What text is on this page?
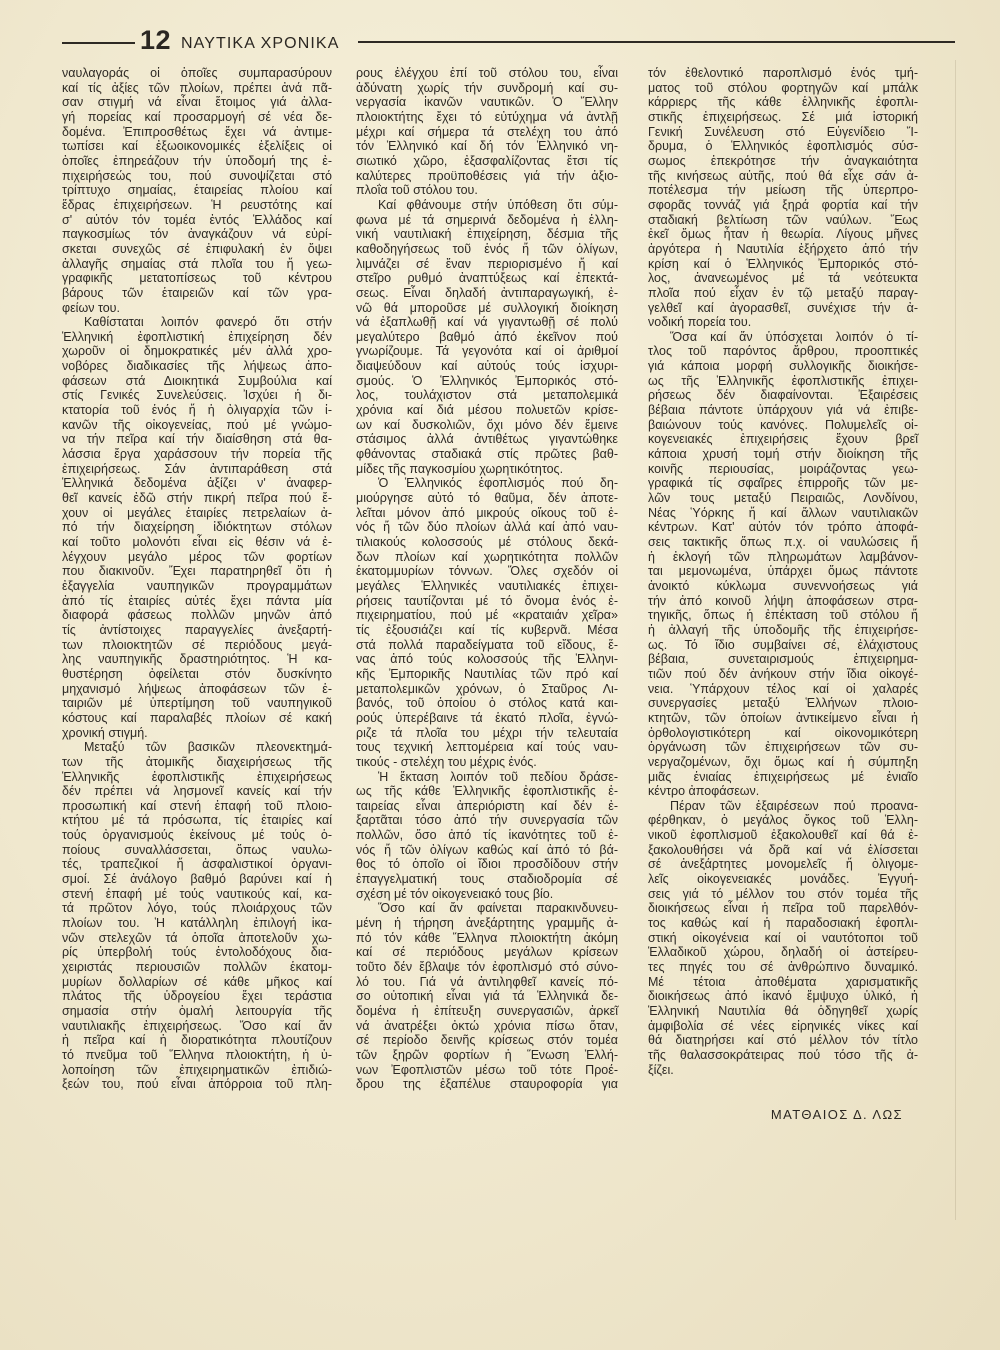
12 ΝΑΥΤΙΚΑ ΧΡΟΝΙΚΑ
ναυλαγοράς οἱ ὁποῖες συμπαρασύρουν
καί τίς ἀξίες τῶν πλοίων, πρέπει ἀνά πᾶ-
σαν στιγμή νά εἶναι ἕτοιμος γιά ἀλλα-
γή πορείας καί προσαρμογή σέ νέα δε-
δομένα. Ἐπιπροσθέτως ἔχει νά ἀντιμε-
τωπίσει καί ἐξωοικονομικές ἐξελίξεις οἱ
ὁποῖες ἐπηρεάζουν τήν ὑποδομή της ἐ-
πιχειρήσεώς του, πού συνοψίζεται στό
τρίπτυχο σημαίας, ἑταιρείας πλοίου καί
ἕδρας ἐπιχειρήσεων. Ἡ ρευστότης καί
σ' αὐτόν τόν τομέα ἐντός Ἑλλάδος καί
παγκοσμίως τόν ἀναγκάζουν νά εὑρί-
σκεται συνεχῶς σέ ἐπιφυλακή ἐν ὄψει
ἀλλαγῆς σημαίας στά πλοῖα του ἤ γεω-
γραφικῆς μετατοπίσεως τοῦ κέντρου
βάρους τῶν ἑταιρειῶν καί τῶν γρα-
φείων του.
Καθίσταται λοιπόν φανερό ὅτι στήν
Ἑλληνική ἐφοπλιστική ἐπιχείρηση δέν
χωροῦν οἱ δημοκρατικές μέν ἀλλά χρο-
νοβόρες διαδικασίες τῆς λήψεως ἀπο-
φάσεων στά Διοικητικά Συμβούλια καί
στίς Γενικές Συνελεύσεις. Ἰσχύει ἡ δι-
κτατορία τοῦ ἑνός ἤ ἡ ὀλιγαρχία τῶν ἰ-
κανῶν τῆς οἰκογενείας, πού μέ γνώμο-
να τήν πεῖρα καί τήν διαίσθηση στά θα-
λάσσια ἔργα χαράσσουν τήν πορεία τῆς
ἐπιχειρήσεως. Σάν ἀντιπαράθεση στά
Ἑλληνικά δεδομένα ἀξίζει ν' ἀναφερ-
θεῖ κανείς ἐδῶ στήν πικρή πεῖρα πού ἔ-
χουν οἱ μεγάλες ἑταιρίες πετρελαίων ἀ-
πό τήν διαχείρηση ἰδιόκτητων στόλων
καί τοῦτο μολονότι εἶναι εἰς θέσιν νά ἐ-
λέγχουν μεγάλο μέρος τῶν φορτίων
που διακινοῦν. Ἔχει παρατηρηθεῖ ὅτι ἡ
ἐξαγγελία ναυπηγικῶν προγραμμάτων
ἀπό τίς ἑταιρίες αὐτές ἔχει πάντα μία
διαφορά φάσεως πολλῶν μηνῶν ἀπό
τίς ἀντίστοιχες παραγγελίες ἀνεξαρτή-
των πλοιοκτητῶν σέ περιόδους μεγά-
λης ναυπηγικῆς δραστηριότητος. Ἡ κα-
θυστέρηση ὀφείλεται στόν δυσκίνητο
μηχανισμό λήψεως ἀποφάσεων τῶν ἑ-
ταιριῶν μέ ὑπερτίμηση τοῦ ναυπηγικοῦ
κόστους καί παραλαβές πλοίων σέ κακή
χρονική στιγμή.
Μεταξύ τῶν βασικῶν πλεονεκτημά-
των τῆς ἀτομικῆς διαχειρήσεως τῆς
Ἑλληνικῆς ἐφοπλιστικῆς ἐπιχειρήσεως
δέν πρέπει νά λησμονεῖ κανείς καί τήν
προσωπική καί στενή ἐπαφή τοῦ πλοιο-
κτήτου μέ τά πρόσωπα, τίς ἑταιρίες καί
τούς ὀργανισμούς ἐκείνους μέ τούς ὁ-
ποίους συναλλάσσεται, ὅπως ναυλω-
τές, τραπεζικοί ἤ ἀσφαλιστικοί ὀργανι-
σμοί. Σέ ἀνάλογο βαθμό βαρύνει καί ἡ
στενή ἐπαφή μέ τούς ναυτικούς καί, κα-
τά πρῶτον λόγο, τούς πλοιάρχους τῶν
πλοίων του. Ἡ κατάλληλη ἐπιλογή ἱκα-
νῶν στελεχῶν τά ὁποῖα ἀποτελοῦν χω-
ρίς ὑπερβολή τούς ἐντολοδόχους δια-
χειριστάς περιουσιῶν πολλῶν ἑκατομ-
μυρίων δολλαρίων σέ κάθε μῆκος καί
πλάτος τῆς ὑδρογείου ἔχει τεράστια
σημασία στήν ὁμαλή λειτουργία τῆς
ναυτιλιακῆς ἐπιχειρήσεως. Ὅσο καί ἄν
ἡ πεῖρα καί ἡ διορατικότητα πλουτίζουν
τό πνεῦμα τοῦ Ἕλληνα πλοιοκτήτη, ἡ ὑ-
λοποίηση τῶν ἐπιχειρηματικῶν ἐπιδιώ-
ξεών του, πού εἶναι ἀπόρροια τοῦ πλη-
ρους ἐλέγχου ἐπί τοῦ στόλου του, εἶναι
ἀδύνατη χωρίς τήν συνδρομή καί συ-
νεργασία ἱκανῶν ναυτικῶν. Ὁ Ἕλλην
πλοιοκτήτης ἔχει τό εὐτύχημα νά ἀντλῇ
μέχρι καί σήμερα τά στελέχη του ἀπό
τόν Ἑλληνικό καί δή τόν Ἑλληνικό νη-
σιωτικό χῶρο, ἐξασφαλίζοντας ἔτσι τίς
καλύτερες προϋποθέσεις γιά τήν ἀξιο-
πλοΐα τοῦ στόλου του.
Καί φθάνουμε στήν ὑπόθεση ὅτι σύμ-
φωνα μέ τά σημερινά δεδομένα ἡ ἑλλη-
νική ναυτιλιακή ἐπιχείρηση, δέσμια τῆς
καθοδηγήσεως τοῦ ἑνός ἤ τῶν ὀλίγων,
λιμνάζει σέ ἕναν περιορισμένο ἤ καί
στεῖρο ρυθμό ἀναπτύξεως καί ἐπεκτά-
σεως. Εἶναι δηλαδή ἀντιπαραγωγική, ἐ-
νῶ θά μποροῦσε μέ συλλογική διοίκηση
νά ἐξαπλωθῇ καί νά γιγαντωθῇ σέ πολύ
μεγαλύτερο βαθμό ἀπό ἐκεῖνον πού
γνωρίζουμε. Τά γεγονότα καί οἱ ἀριθμοί
διαψεύδουν καί αὐτούς τούς ἰσχυρι-
σμούς. Ὁ Ἑλληνικός Ἐμπορικός στό-
λος, τουλάχιστον στά μεταπολεμικά
χρόνια καί διά μέσου πολυετῶν κρίσε-
ων καί δυσκολιῶν, ὄχι μόνο δέν ἔμεινε
στάσιμος ἀλλά ἀντιθέτως γιγαντώθηκε
φθάνοντας σταδιακά στίς πρῶτες βαθ-
μίδες τῆς παγκοσμίου χωρητικότητος.
Ὁ Ἑλληνικός ἐφοπλισμός πού δη-
μιούργησε αὐτό τό θαῦμα, δέν ἀποτε-
λεῖται μόνον ἀπό μικρούς οἴκους τοῦ ἑ-
νός ἤ τῶν δύο πλοίων ἀλλά καί ἀπό ναυ-
τιλιακούς κολοσσούς μέ στόλους δεκά-
δων πλοίων καί χωρητικότητα πολλῶν
ἑκατομμυρίων τόννων. Ὅλες σχεδόν οἱ
μεγάλες Ἑλληνικές ναυτιλιακές ἐπιχει-
ρήσεις ταυτίζονται μέ τό ὄνομα ἑνός ἐ-
πιχειρηματίου, πού μέ «κραταιάν χεῖρα»
τίς ἐξουσιάζει καί τίς κυβερνᾶ. Μέσα
στά πολλά παραδείγματα τοῦ εἴδους, ἕ-
νας ἀπό τούς κολοσσούς τῆς Ἑλληνι-
κῆς Ἐμπορικῆς Ναυτιλίας τῶν πρό καί
μεταπολεμικῶν χρόνων, ὁ Σταῦρος Λι-
βανός, τοῦ ὁποίου ὁ στόλος κατά και-
ρούς ὑπερέβαινε τά ἑκατό πλοῖα, ἐγνώ-
ριζε τά πλοῖα του μέχρι τήν τελευταία
τους τεχνική λεπτομέρεια καί τούς ναυ-
τικούς - στελέχη του μέχρις ἑνός.
Ἡ ἔκταση λοιπόν τοῦ πεδίου δράσε-
ως τῆς κάθε Ἑλληνικῆς ἐφοπλιστικῆς ἑ-
ταιρείας εἶναι ἀπεριόριστη καί δέν ἐ-
ξαρτᾶται τόσο ἀπό τήν συνεργασία τῶν
πολλῶν, ὅσο ἀπό τίς ἱκανότητες τοῦ ἑ-
νός ἤ τῶν ὀλίγων καθώς καί ἀπό τό βά-
θος τό ὁποῖο οἱ ἴδιοι προσδίδουν στήν
ἐπαγγελματική τους σταδιοδρομία σέ
σχέση μέ τόν οἰκογενειακό τους βίο.
Ὅσο καί ἄν φαίνεται παρακινδυνευ-
μένη ἡ τήρηση ἀνεξάρτητης γραμμῆς ἀ-
πό τόν κάθε Ἕλληνα πλοιοκτήτη ἀκόμη
καί σέ περιόδους μεγάλων κρίσεων
τοῦτο δέν ἔβλαψε τόν ἐφοπλισμό στό σύνο-
λό του. Γιά νά ἀντιληφθεῖ κανείς πό-
σο οὐτοπική εἶναι γιά τά Ἑλληνικά δε-
δομένα ἡ ἐπίτευξη συνεργασιῶν, ἀρκεῖ
νά ἀνατρέξει ὀκτώ χρόνια πίσω ὅταν,
σέ περίοδο δεινῆς κρίσεως στόν τομέα
τῶν ξηρῶν φορτίων ἡ Ἕνωση Ἑλλή-
νων Ἐφοπλιστῶν μέσω τοῦ τότε Προέ-
δρου της ἐξαπέλυε σταυροφορία για
τόν ἐθελοντικό παροπλισμό ἑνός τμή-
ματος τοῦ στόλου φορτηγῶν καί μπάλκ
κάρριερς τῆς κάθε ἑλληνικῆς ἐφοπλι-
στικῆς ἐπιχειρήσεως. Σέ μιά ἱστορική
Γενική Συνέλευση στό Εὐγενίδειο Ἵ-
δρυμα, ὁ Ἑλληνικός ἐφοπλισμός σύσ-
σωμος ἐπεκρότησε τήν ἀναγκαιότητα
τῆς κινήσεως αὐτῆς, πού θά εἶχε σάν ἀ-
ποτέλεσμα τήν μείωση τῆς ὑπερπρο-
σφορᾶς τοννάζ γιά ξηρά φορτία καί τήν
σταδιακή βελτίωση τῶν ναύλων. Ἕως
ἐκεῖ ὅμως ἦταν ἡ θεωρία. Λίγους μῆνες
ἀργότερα ἡ Ναυτιλία ἐξήρχετο ἀπό τήν
κρίση καί ὁ Ἑλληνικός Ἐμπορικός στό-
λος, ἀνανεωμένος μέ τά νεότευκτα
πλοῖα πού εἶχαν ἐν τῷ μεταξύ παραγ-
γελθεῖ καί ἀγορασθεῖ, συνέχισε τήν ἀ-
νοδική πορεία του.
Ὅσα καί ἄν ὑπόσχεται λοιπόν ὁ τί-
τλος τοῦ παρόντος ἄρθρου, προοπτικές
γιά κάποια μορφή συλλογικῆς διοικήσε-
ως τῆς Ἑλληνικῆς ἐφοπλιστικῆς ἐπιχει-
ρήσεως δέν διαφαίνονται. Ἐξαιρέσεις
βέβαια πάντοτε ὑπάρχουν γιά νά ἐπιβε-
βαιώνουν τούς κανόνες. Πολυμελεῖς οἰ-
κογενειακές ἐπιχειρήσεις ἔχουν βρεῖ
κάποια χρυσή τομή στήν διοίκηση τῆς
κοινῆς περιουσίας, μοιράζοντας γεω-
γραφικά τίς σφαῖρες ἐπιρροῆς τῶν με-
λῶν τους μεταξύ Πειραιῶς, Λονδίνου,
Νέας Ὑόρκης ἤ καί ἄλλων ναυτιλιακῶν
κέντρων. Κατ' αὐτόν τόν τρόπο ἀποφά-
σεις τακτικῆς ὅπως π.χ. οἱ ναυλώσεις ἤ
ἡ ἐκλογή τῶν πληρωμάτων λαμβάνον-
ται μεμονωμένα, ὑπάρχει ὅμως πάντοτε
ἀνοικτό κύκλωμα συνεννοήσεως γιά
τήν ἀπό κοινοῦ λήψη ἀποφάσεων στρα-
τηγικῆς, ὅπως ἡ ἐπέκταση τοῦ στόλου ἤ
ἡ ἀλλαγή τῆς ὑποδομῆς τῆς ἐπιχειρήσε-
ως. Τό ἴδιο συμβαίνει σέ, ἐλάχιστους
βέβαια, συνεταιρισμούς ἐπιχειρημα-
τιῶν πού δέν ἀνήκουν στήν ἴδια οἰκογέ-
νεια. Ὑπάρχουν τέλος καί οἱ χαλαρές
συνεργασίες μεταξύ Ἑλλήνων πλοιο-
κτητῶν, τῶν ὁποίων ἀντικείμενο εἶναι ἡ
ὀρθολογιστικότερη καί οἰκονομικότερη
ὀργάνωση τῶν ἐπιχειρήσεων τῶν συ-
νεργαζομένων, ὄχι ὅμως καί ἡ σύμπηξη
μιᾶς ἑνιαίας ἐπιχειρήσεως μέ ἑνιαῖο
κέντρο ἀποφάσεων.
Πέραν τῶν ἐξαιρέσεων πού προανα-
φέρθηκαν, ὁ μεγάλος ὄγκος τοῦ Ἑλλη-
νικοῦ ἐφοπλισμοῦ ἐξακολουθεῖ καί θά ἐ-
ξακολουθήσει νά δρᾶ καί νά ἐλίσσεται
σέ ἀνεξάρτητες μονομελεῖς ἤ ὀλιγομε-
λεῖς οἰκογενειακές μονάδες. Ἐγγυή-
σεις γιά τό μέλλον του στόν τομέα τῆς
διοικήσεως εἶναι ἡ πεῖρα τοῦ παρελθόν-
τος καθώς καί ἡ παραδοσιακή ἐφοπλι-
στική οἰκογένεια καί οἱ ναυτότοποι τοῦ
Ἑλλαδικοῦ χώρου, δηλαδή οἱ ἀστείρευ-
τες πηγές του σέ ἀνθρώπινο δυναμικό.
Μέ τέτοια ἀποθέματα χαρισματικῆς
διοικήσεως ἀπό ἱκανό ἔμψυχο ὑλικό, ἡ
Ἑλληνική Ναυτιλία θά ὁδηγηθεῖ χωρίς
ἀμφιβολία σέ νέες εἰρηνικές νίκες καί
θά διατηρήσει καί στό μέλλον τόν τίτλο
τῆς θαλασσοκράτειρας πού τόσο τῆς ἀ-
ξίζει.
ΜΑΤΘΑΙΟΣ Δ. ΛΩΣ
